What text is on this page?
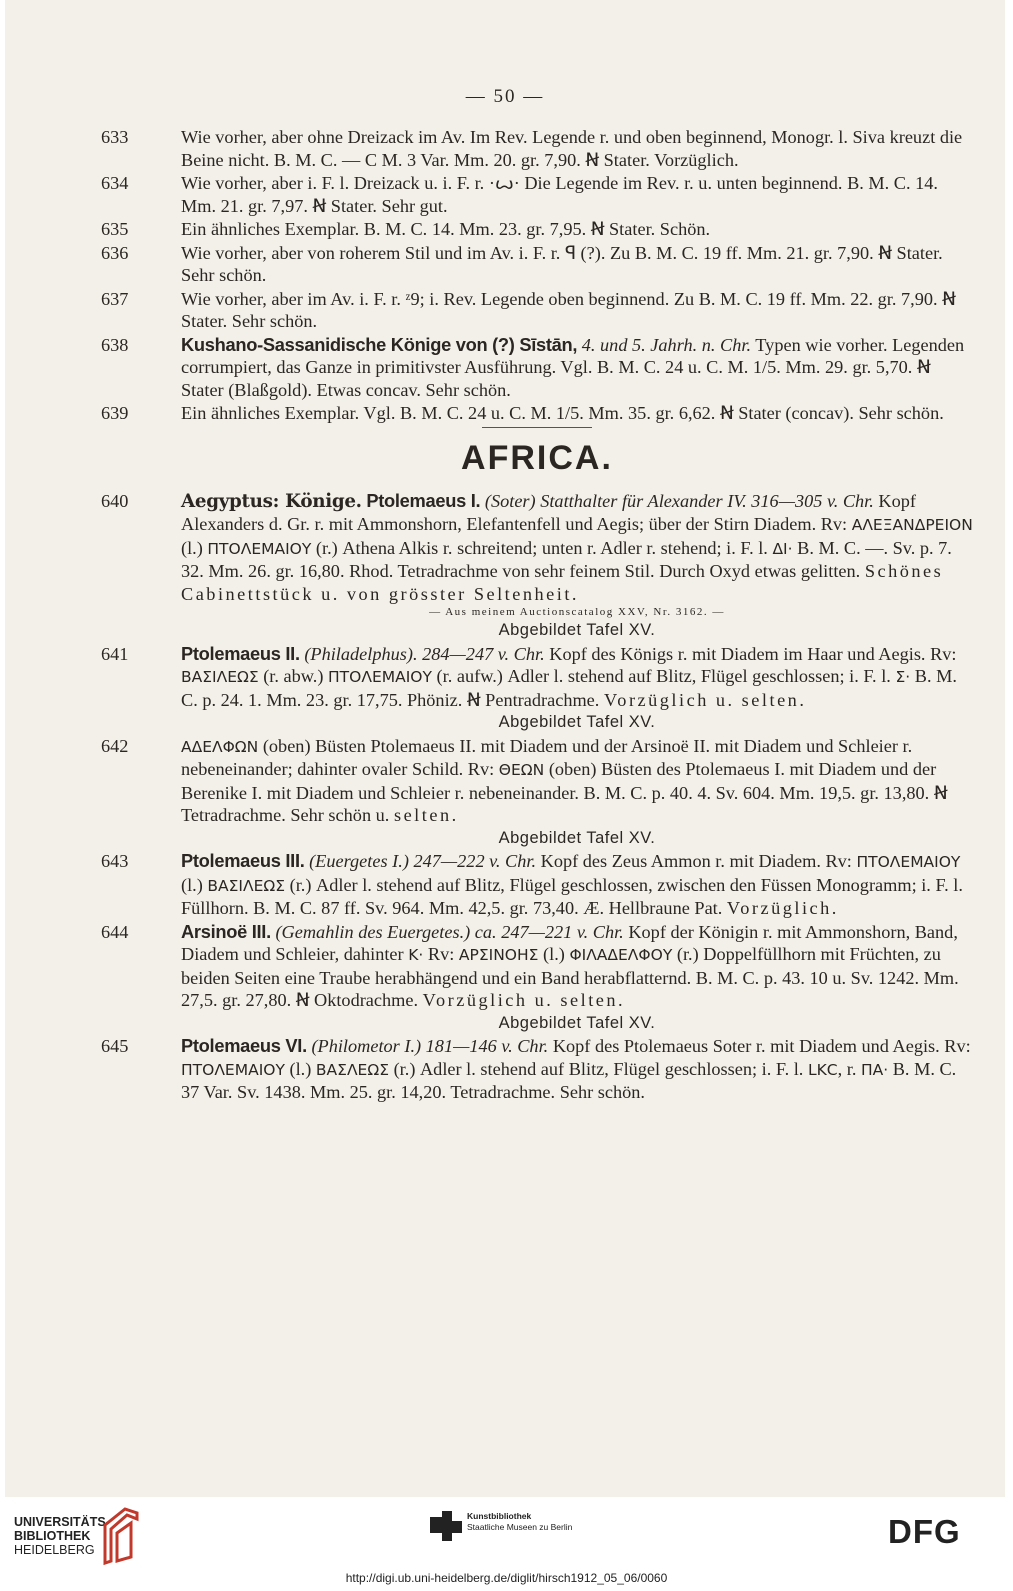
— 50 —
633	Wie vorher, aber ohne Dreizack im Av. Im Rev. Legende r. und oben beginnend, Monogr. l. Siva kreuzt die Beine nicht. B. M. C. — C M. 3 Var. Mm. 20. gr. 7,90. Ꞥ Stater. Vorzüglich.
634	Wie vorher, aber i. F. l. Dreizack u. i. F. r. ·ꙍ· Die Legende im Rev. r. u. unten beginnend. B. M. C. 14. Mm. 21. gr. 7,97. Ꞥ Stater. Sehr gut.
635	Ein ähnliches Exemplar. B. M. C. 14. Mm. 23. gr. 7,95. Ꞥ Stater. Schön.
636	Wie vorher, aber von roherem Stil und im Av. i. F. r. ꟼ (?). Zu B. M. C. 19 ff. Mm. 21. gr. 7,90. Ꞥ Stater. Sehr schön.
637	Wie vorher, aber im Av. i. F. r. ᶻ9; i. Rev. Legende oben beginnend. Zu B. M. C. 19 ff. Mm. 22. gr. 7,90. Ꞥ Stater. Sehr schön.
638	Kushano-Sassanidische Könige von (?) Sīstān, 4. und 5. Jahrh. n. Chr. Typen wie vorher. Legenden corrumpiert, das Ganze in primitivster Ausführung. Vgl. B. M. C. 24 u. C. M. 1/5. Mm. 29. gr. 5,70. Ꞥ Stater (Blaßgold). Etwas concav. Sehr schön.
639	Ein ähnliches Exemplar. Vgl. B. M. C. 24 u. C. M. 1/5. Mm. 35. gr. 6,62. Ꞥ Stater (concav). Sehr schön.
AFRICA.
640	Aegyptus: Könige. Ptolemaeus I. (Soter) Statthalter für Alexander IV. 316—305 v. Chr. Kopf Alexanders d. Gr. r. mit Ammonshorn, Elefantenfell und Aegis; über der Stirn Diadem. Rv: ΑΛΕΞΑΝΔΡΕΙΟΝ (l.) ΠΤΟΛΕΜΑΙΟΥ (r.) Athena Alkis r. schreitend; unten r. Adler r. stehend; i. F. l. ΔΙ· B. M. C. —. Sv. p. 7. 32. Mm. 26. gr. 16,80. Rhod. Tetradrachme von sehr feinem Stil. Durch Oxyd etwas gelitten. Schönes Cabinettstück u. von grösster Seltenheit.
— Aus meinem Auctionscatalog XXV, Nr. 3162. —
Abgebildet Tafel XV.
641	Ptolemaeus II. (Philadelphus). 284—247 v. Chr. Kopf des Königs r. mit Diadem im Haar und Aegis. Rv: ΒΑΣΙΛΕΩΣ (r. abw.) ΠΤΟΛΕΜΑΙΟΥ (r. aufw.) Adler l. stehend auf Blitz, Flügel geschlossen; i. F. l. Σ· B. M. C. p. 24. 1. Mm. 23. gr. 17,75. Phöniz. Ꞥ Pentradrachme. Vorzüglich u. selten.
Abgebildet Tafel XV.
642	ΑΔΕΛΦΩΝ (oben) Büsten Ptolemaeus II. mit Diadem und der Arsinoë II. mit Diadem und Schleier r. nebeneinander; dahinter ovaler Schild. Rv: ΘΕΩΝ (oben) Büsten des Ptolemaeus I. mit Diadem und der Berenike I. mit Diadem und Schleier r. nebeneinander. B. M. C. p. 40. 4. Sv. 604. Mm. 19,5. gr. 13,80. Ꞥ Tetradrachme. Sehr schön u. selten.
Abgebildet Tafel XV.
643	Ptolemaeus III. (Euergetes I.) 247—222 v. Chr. Kopf des Zeus Ammon r. mit Diadem. Rv: ΠΤΟΛΕΜΑΙΟΥ (l.) ΒΑΣΙΛΕΩΣ (r.) Adler l. stehend auf Blitz, Flügel geschlossen, zwischen den Füssen Monogramm; i. F. l. Füllhorn. B. M. C. 87 ff. Sv. 964. Mm. 42,5. gr. 73,40. Æ. Hellbraune Pat. Vorzüglich.
644	Arsinoë III. (Gemahlin des Euergetes.) ca. 247—221 v. Chr. Kopf der Königin r. mit Ammonshorn, Band, Diadem und Schleier, dahinter Κ· Rv: ΑΡΣΙΝΟΗΣ (l.) ΦΙΛΑΔΕΛΦΟΥ (r.) Doppelfüllhorn mit Früchten, zu beiden Seiten eine Traube herabhängend und ein Band herabflatternd. B. M. C. p. 43. 10 u. Sv. 1242. Mm. 27,5. gr. 27,80. Ꞥ Oktodrachme. Vorzüglich u. selten.
Abgebildet Tafel XV.
645	Ptolemaeus VI. (Philometor I.) 181—146 v. Chr. Kopf des Ptolemaeus Soter r. mit Diadem und Aegis. Rv: ΠΤΟΛΕΜΑΙΟΥ (l.) ΒΑΣΛΕΩΣ (r.) Adler l. stehend auf Blitz, Flügel geschlossen; i. F. l. LΚϹ, r. ΠΑ· B. M. C. 37 Var. Sv. 1438. Mm. 25. gr. 14,20. Tetradrachme. Sehr schön.
UNIVERSITÄTS-
BIBLIOTHEK
HEIDELBERG
Kunstbibliothek
Staatliche Museen zu Berlin	DFG
http://digi.ub.uni-heidelberg.de/diglit/hirsch1912_05_06/0060
